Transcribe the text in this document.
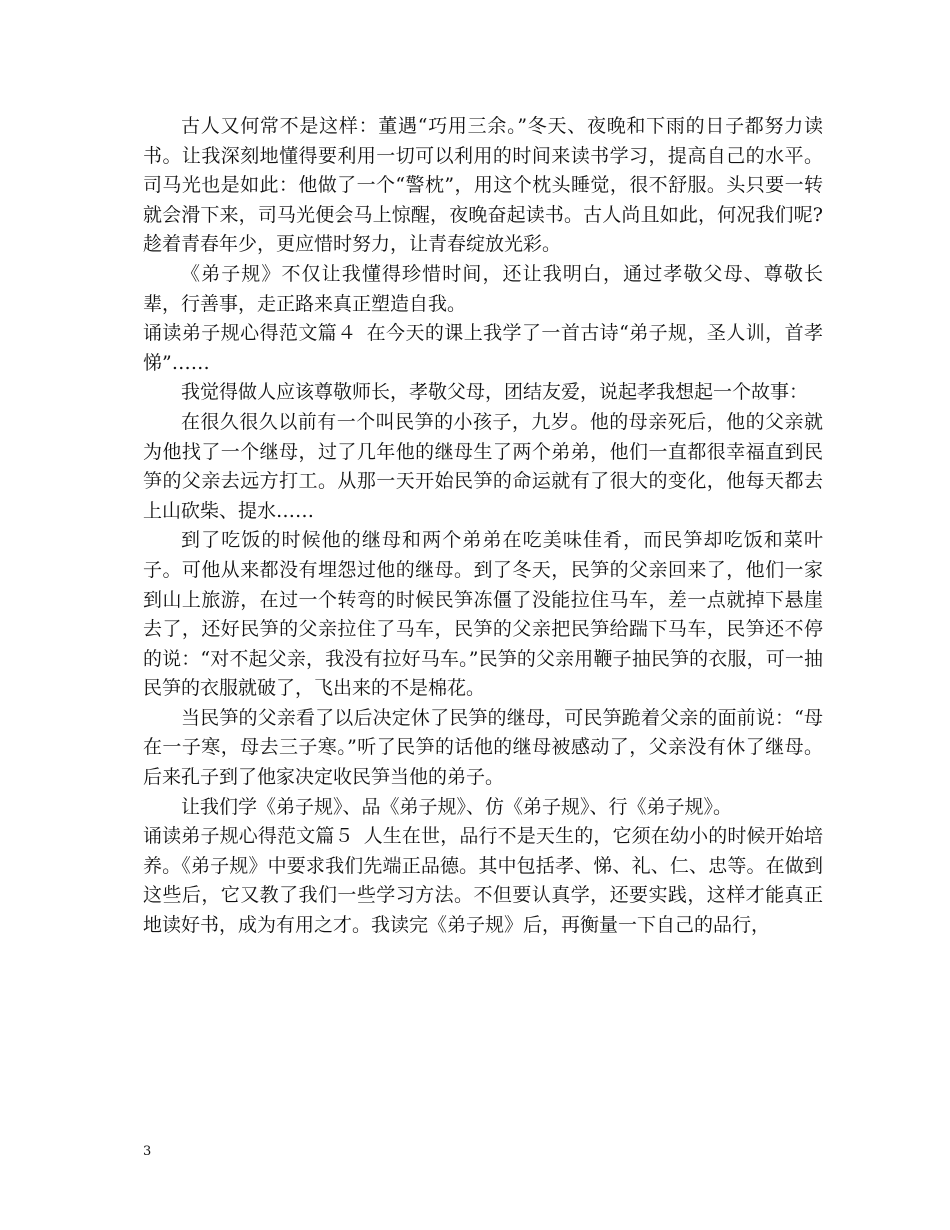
古人又何常不是这样：董遇“巧用三余。”冬天、夜晚和下雨的日子都努力读书。让我深刻地懂得要利用一切可以利用的时间来读书学习，提高自己的水平。司马光也是如此：他做了一个“警枕”，用这个枕头睡觉，很不舒服。头只要一转就会滑下来，司马光便会马上惊醒，夜晚奋起读书。古人尚且如此，何况我们呢?趁着青春年少，更应惜时努力，让青春绽放光彩。

《弟子规》不仅让我懂得珍惜时间，还让我明白，通过孝敬父母、尊敬长辈，行善事，走正路来真正塑造自我。

诵读弟子规心得范文篇４ 在今天的课上我学了一首古诗“弟子规，圣人训，首孝悌”……

我觉得做人应该尊敬师长，孝敬父母，团结友爱，说起孝我想起一个故事：

在很久很久以前有一个叫民笋的小孩子，九岁。他的母亲死后，他的父亲就为他找了一个继母，过了几年他的继母生了两个弟弟，他们一直都很幸福直到民笋的父亲去远方打工。从那一天开始民笋的命运就有了很大的变化，他每天都去上山砍柴、提水……

到了吃饭的时候他的继母和两个弟弟在吃美味佳肴，而民笋却吃饭和菜叶子。可他从来都没有埋怨过他的继母。到了冬天，民笋的父亲回来了，他们一家到山上旅游，在过一个转弯的时候民笋冻僵了没能拉住马车，差一点就掉下悬崖去了，还好民笋的父亲拉住了马车，民笋的父亲把民笋给踹下马车，民笋还不停的说：“对不起父亲，我没有拉好马车。”民笋的父亲用鞭子抽民笋的衣服，可一抽民笋的衣服就破了，飞出来的不是棉花。

当民笋的父亲看了以后决定休了民笋的继母，可民笋跪着父亲的面前说：“母在一子寒，母去三子寒。”听了民笋的话他的继母被感动了，父亲没有休了继母。后来孔子到了他家决定收民笋当他的弟子。

让我们学《弟子规》、品《弟子规》、仿《弟子规》、行《弟子规》。

诵读弟子规心得范文篇５ 人生在世，品行不是天生的，它须在幼小的时候开始培养。《弟子规》中要求我们先端正品德。其中包括孝、悌、礼、仁、忠等。在做到这些后，它又教了我们一些学习方法。不但要认真学，还要实践，这样才能真正地读好书，成为有用之才。我读完《弟子规》后，再衡量一下自己的品行，

3
